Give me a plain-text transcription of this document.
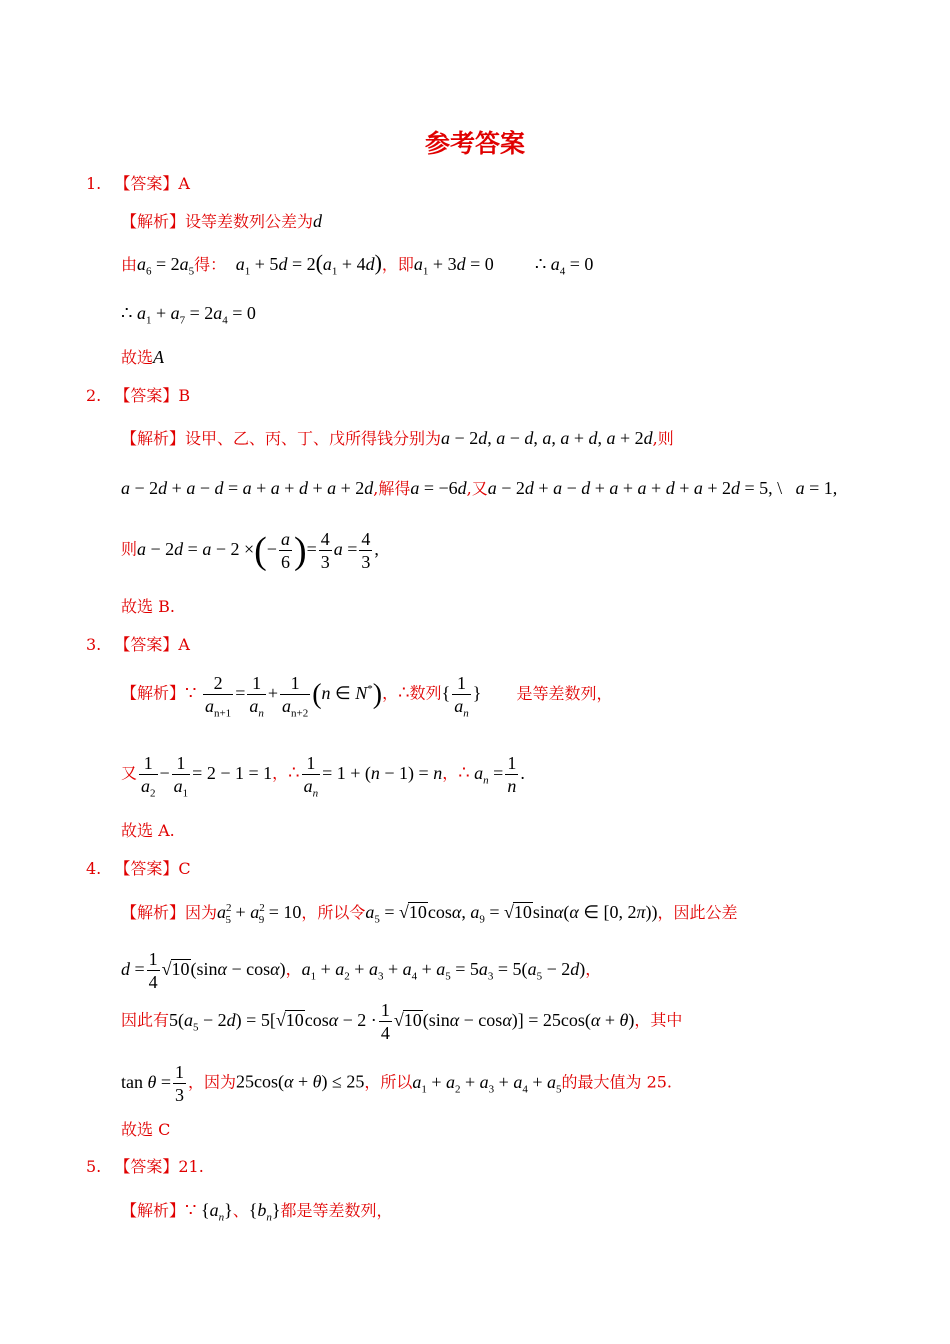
参考答案
1. 【答案】A
【解析】设等差数列公差为d
由$a_6 = 2a_5$得：  $a_1 + 5d = 2(a_1 + 4d)$，即$a_1 + 3d = 0$ ∴ $a_4 = 0$
∴ $a_1 + a_7 = 2a_4 = 0$
故选A
2. 【答案】B
【解析】设甲、乙、丙、丁、戊所得钱分别为a − 2d, a − d, a, a + d, a + 2d,则
a − 2d + a − d = a + a + d + a + 2d,解得a = −6d,又a − 2d + a − d + a + a + d + a + 2d = 5, \   a = 1,
则a − 2d = a − 2 ×(− $\frac{a}{6}$ )= $\frac{4}{3}$ $a = \frac{4}{3}$ ,
故选 B.
3. 【答案】A
【解析】∵ $\frac{2}{a_{n+1}} = \frac{1}{a_n} + \frac{1}{a_{n+2}} (n$ ∈ N*)，∴数列{ $\frac{1}{a_n}$ } 是等差数列，
又 $\frac{1}{a_2} - \frac{1}{a_1} = 2 - 1 = 1$，∴ $\frac{1}{a_n} = 1 + (n - 1) = n$，∴ $a_n = \frac{1}{n}$ .
故选 A.
4. 【答案】C
【解析】因为$a^2_5 + a^2_9 = 10$，所以令$a_5 = √10\cos\alpha$, $a_9 = √10\sin\alpha(\alpha$ ∈ [0, 2π))，因此公差
$d = \frac{1}{4} √10(\sin\alpha - \cos\alpha)$，$a_1 + a_2 + a_3 + a_4 + a_5 = 5a_3 = 5(a_5 - 2d)$，
因此有$5(a_5 - 2d) = 5[√10\cos\alpha - 2 \cdot \frac{1}{4} √10(\sin\alpha - \cos\alpha)] = 25\cos(\alpha + \theta)$，其中
$\tan \theta = \frac{1}{3}$ ，因为25cos(α + θ) ≤ 25，所以$a_1 + a_2 + a_3 + a_4 + a_5$的最大值为 25.
故选 C
5. 【答案】21.
【解析】∵ $\{a_n\}$、$\{b_n\}$都是等差数列，
